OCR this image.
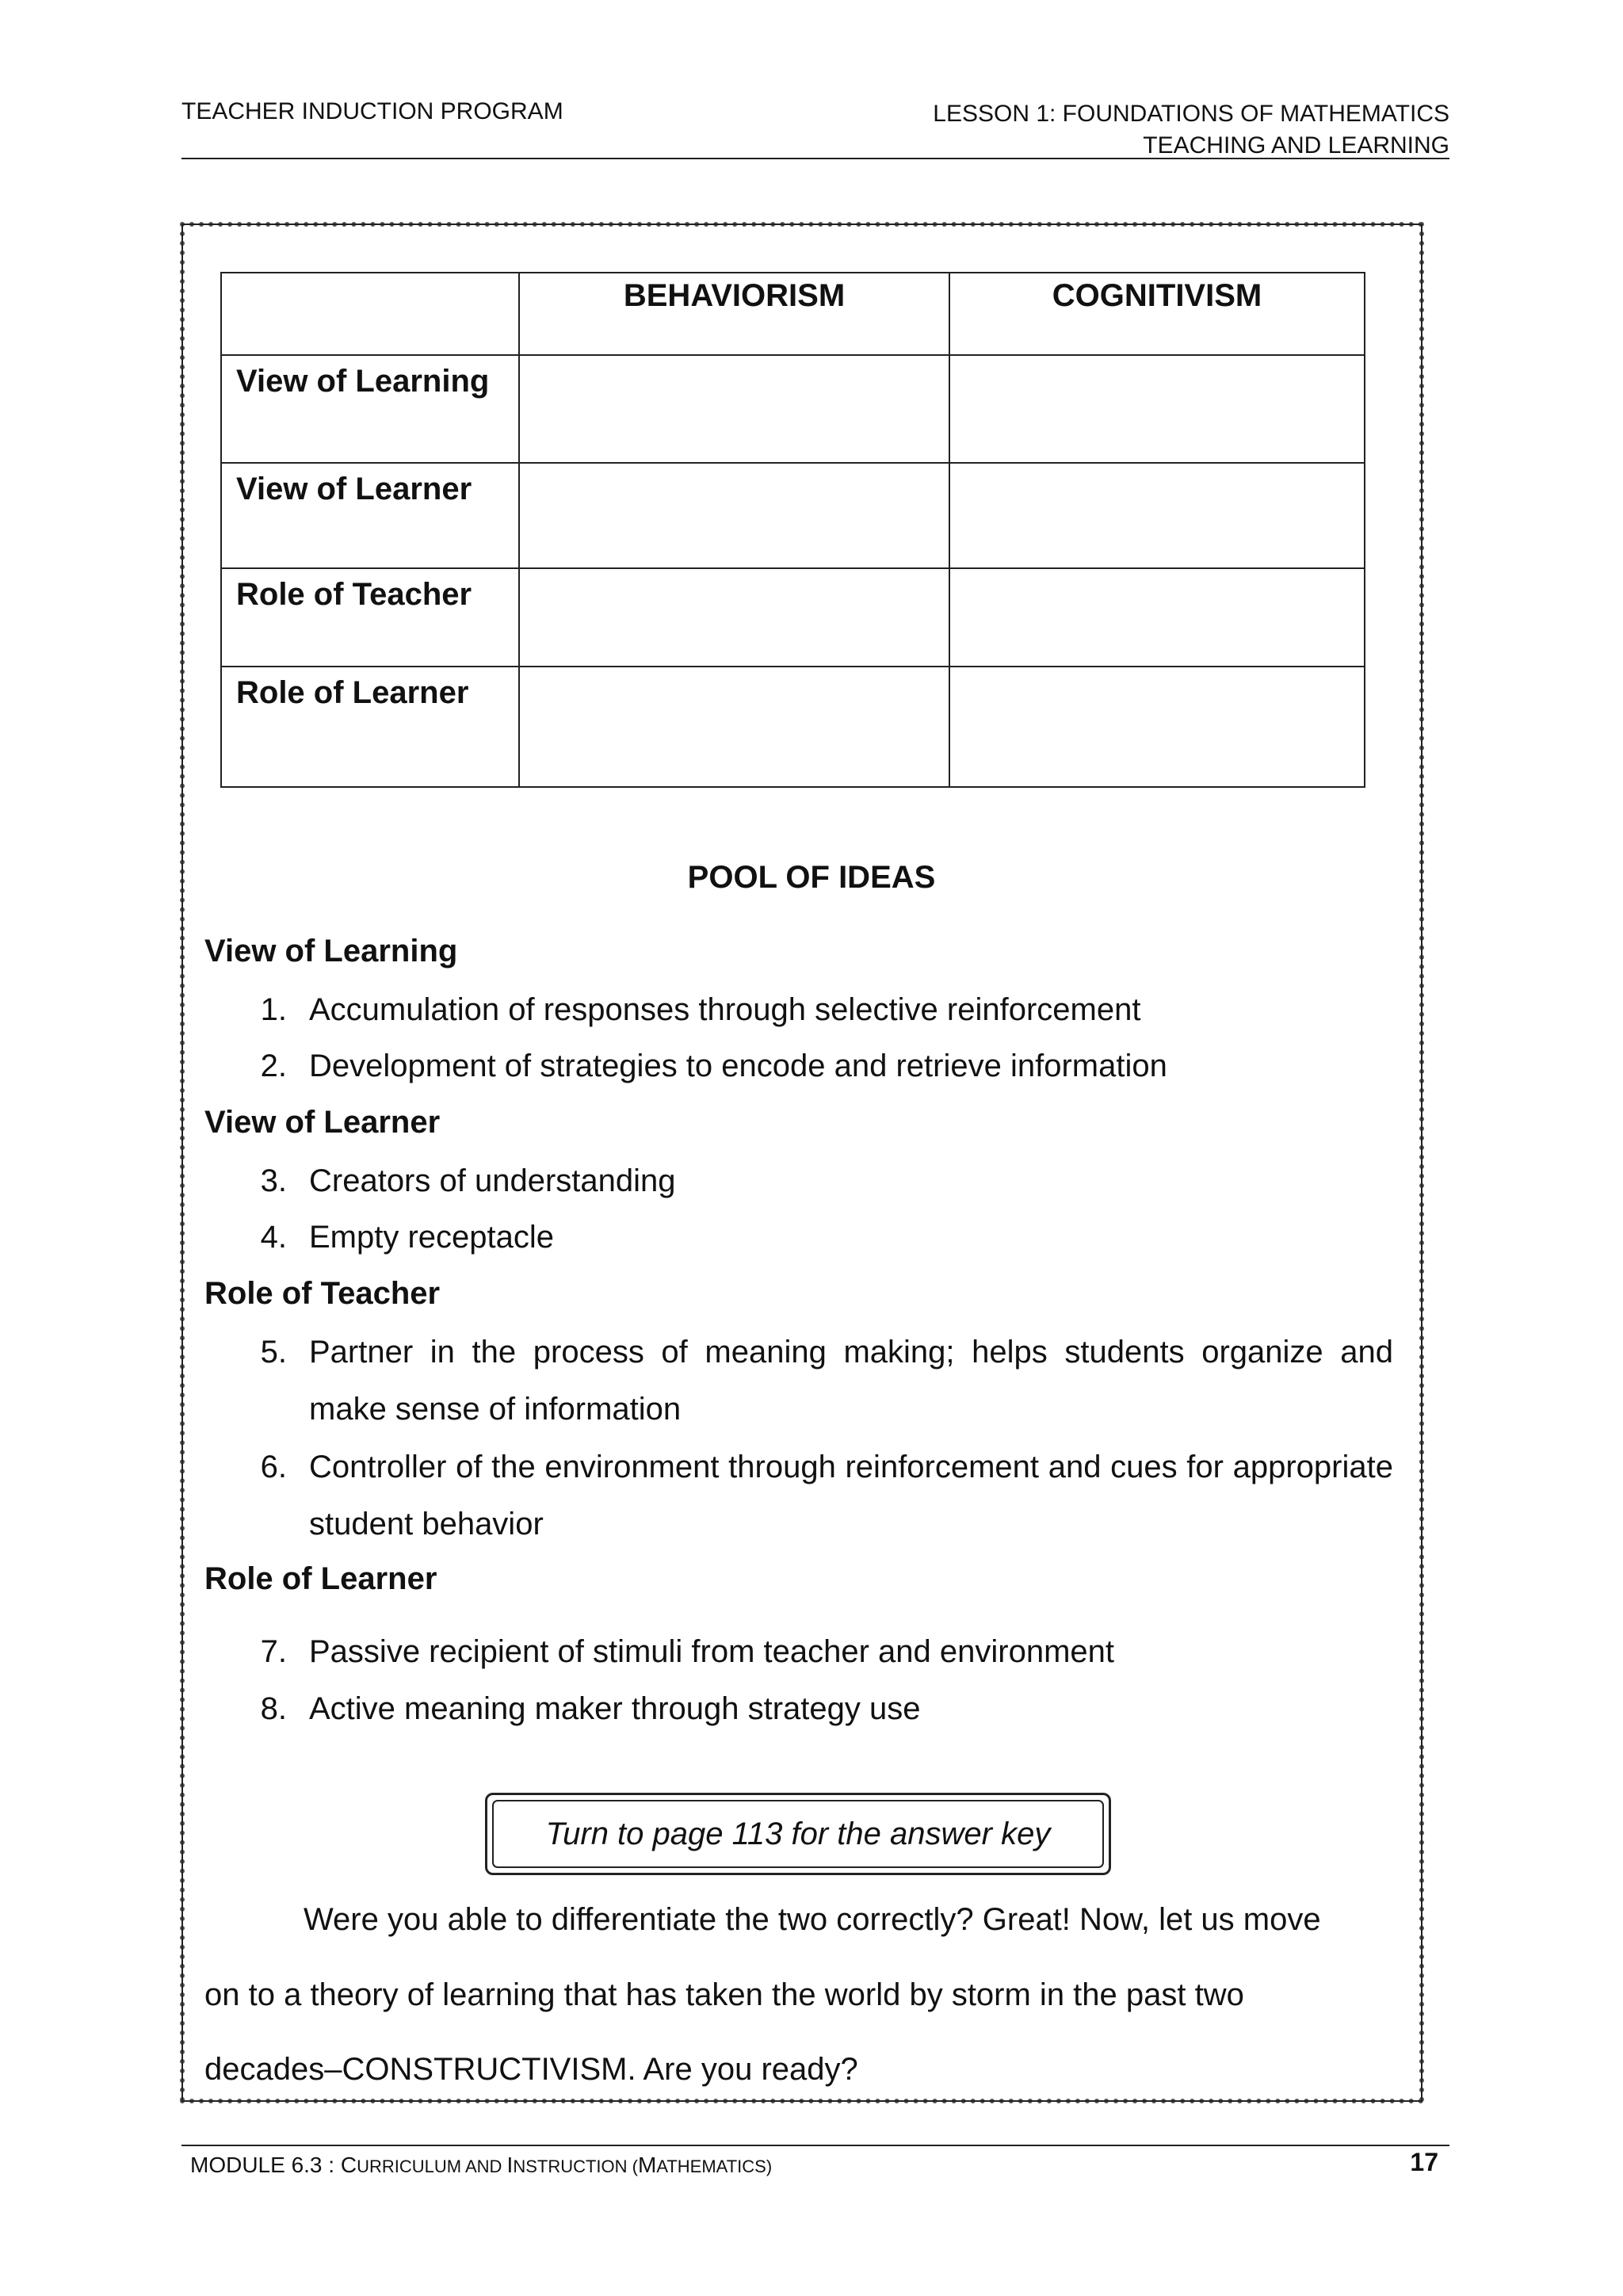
TEACHER INDUCTION PROGRAM	LESSON 1: FOUNDATIONS OF MATHEMATICS
TEACHING AND LEARNING
	BEHAVIORISM	COGNITIVISM
View of Learning		
View of Learner		
Role of Teacher		
Role of Learner		
POOL OF IDEAS
View of Learning
1. Accumulation of responses through selective reinforcement
2. Development of strategies to encode and retrieve information
View of Learner
3. Creators of understanding
4. Empty receptacle
Role of Teacher
5. Partner in the process of meaning making; helps students organize and make sense of information
6. Controller of the environment through reinforcement and cues for appropriate student behavior
Role of Learner
7. Passive recipient of stimuli from teacher and environment
8. Active meaning maker through strategy use
Turn to page 113 for the answer key
Were you able to differentiate the two correctly? Great! Now, let us move
on to a theory of learning that has taken the world by storm in the past two
decades–CONSTRUCTIVISM. Are you ready?
MODULE 6.3 : CURRICULUM AND INSTRUCTION (MATHEMATICS)	17
